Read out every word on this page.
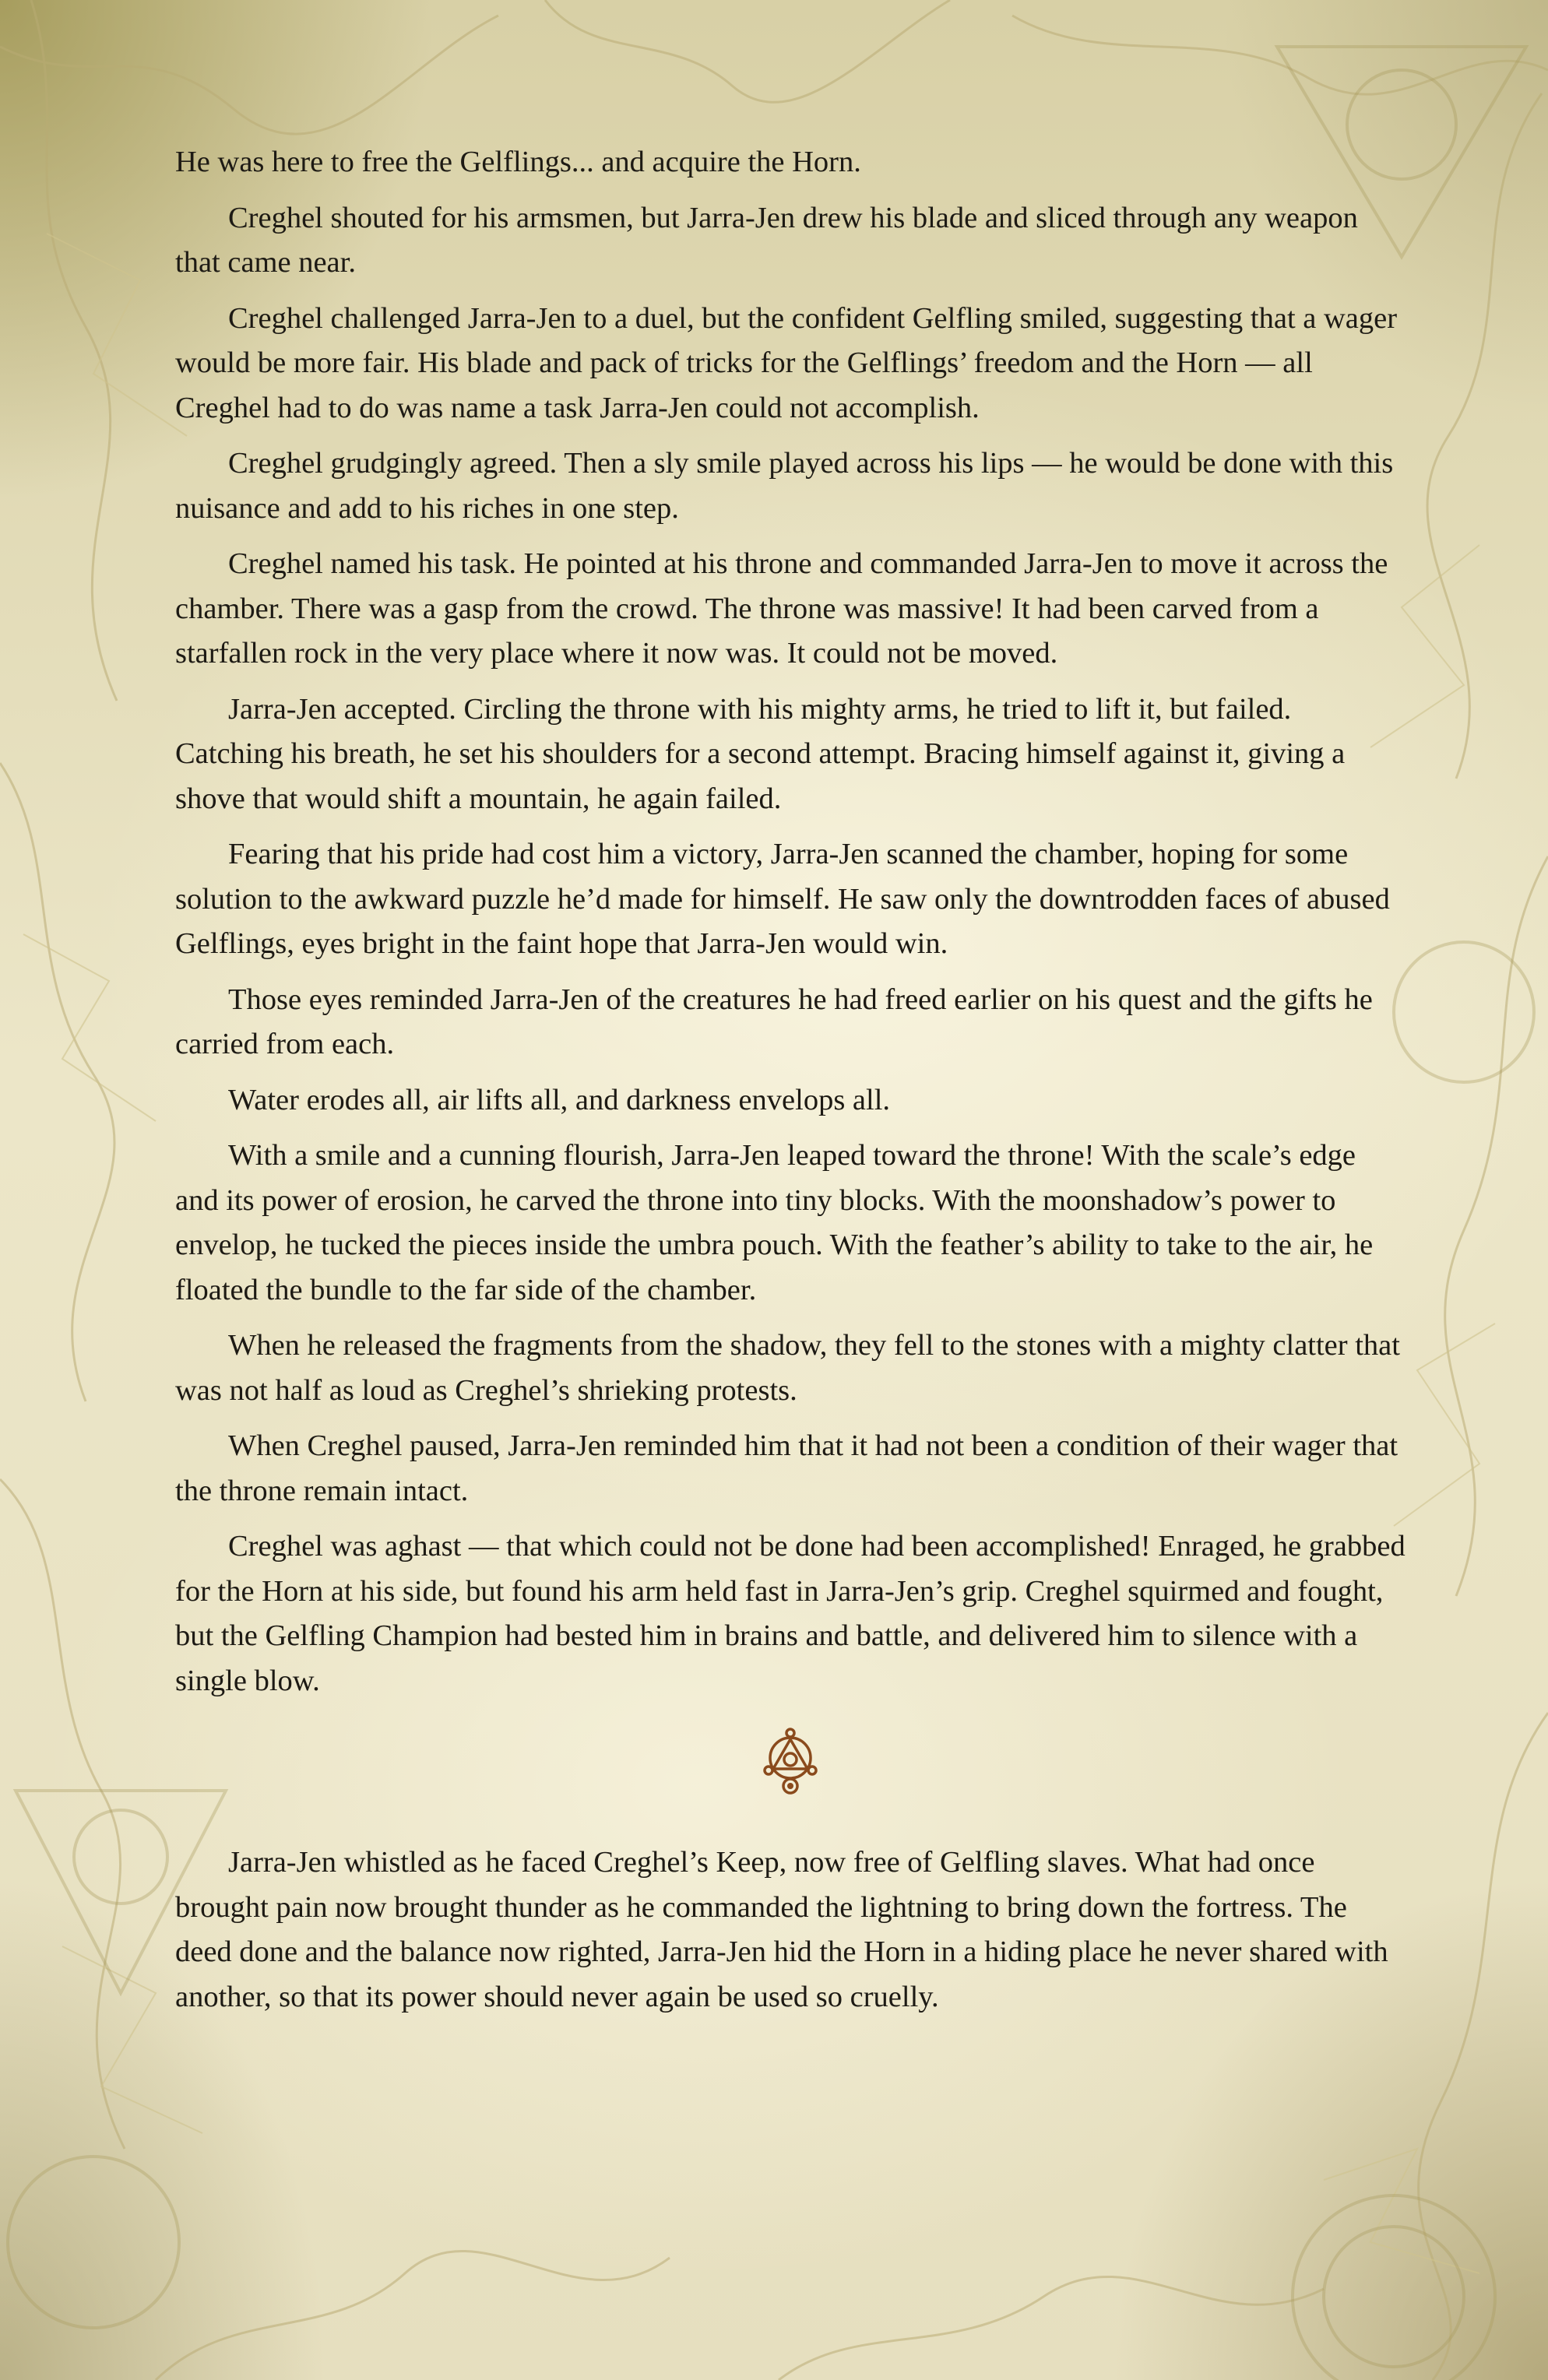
He was here to free the Gelflings... and acquire the Horn.

Creghel shouted for his armsmen, but Jarra-Jen drew his blade and sliced through any weapon that came near.

Creghel challenged Jarra-Jen to a duel, but the confident Gelfling smiled, suggesting that a wager would be more fair. His blade and pack of tricks for the Gelflings’ freedom and the Horn — all Creghel had to do was name a task Jarra-Jen could not accomplish.

Creghel grudgingly agreed. Then a sly smile played across his lips — he would be done with this nuisance and add to his riches in one step.

Creghel named his task. He pointed at his throne and commanded Jarra-Jen to move it across the chamber. There was a gasp from the crowd. The throne was massive! It had been carved from a starfallen rock in the very place where it now was. It could not be moved.

Jarra-Jen accepted. Circling the throne with his mighty arms, he tried to lift it, but failed. Catching his breath, he set his shoulders for a second attempt. Bracing himself against it, giving a shove that would shift a mountain, he again failed.

Fearing that his pride had cost him a victory, Jarra-Jen scanned the chamber, hoping for some solution to the awkward puzzle he’d made for himself. He saw only the downtrodden faces of abused Gelflings, eyes bright in the faint hope that Jarra-Jen would win.

Those eyes reminded Jarra-Jen of the creatures he had freed earlier on his quest and the gifts he carried from each.

Water erodes all, air lifts all, and darkness envelops all.

With a smile and a cunning flourish, Jarra-Jen leaped toward the throne! With the scale’s edge and its power of erosion, he carved the throne into tiny blocks. With the moonshadow’s power to envelop, he tucked the pieces inside the umbra pouch. With the feather’s ability to take to the air, he floated the bundle to the far side of the chamber.

When he released the fragments from the shadow, they fell to the stones with a mighty clatter that was not half as loud as Creghel’s shrieking protests.

When Creghel paused, Jarra-Jen reminded him that it had not been a condition of their wager that the throne remain intact.

Creghel was aghast — that which could not be done had been accomplished! Enraged, he grabbed for the Horn at his side, but found his arm held fast in Jarra-Jen’s grip. Creghel squirmed and fought, but the Gelfling Champion had bested him in brains and battle, and delivered him to silence with a single blow.

Jarra-Jen whistled as he faced Creghel’s Keep, now free of Gelfling slaves. What had once brought pain now brought thunder as he commanded the lightning to bring down the fortress. The deed done and the balance now righted, Jarra-Jen hid the Horn in a hiding place he never shared with another, so that its power should never again be used so cruelly.
